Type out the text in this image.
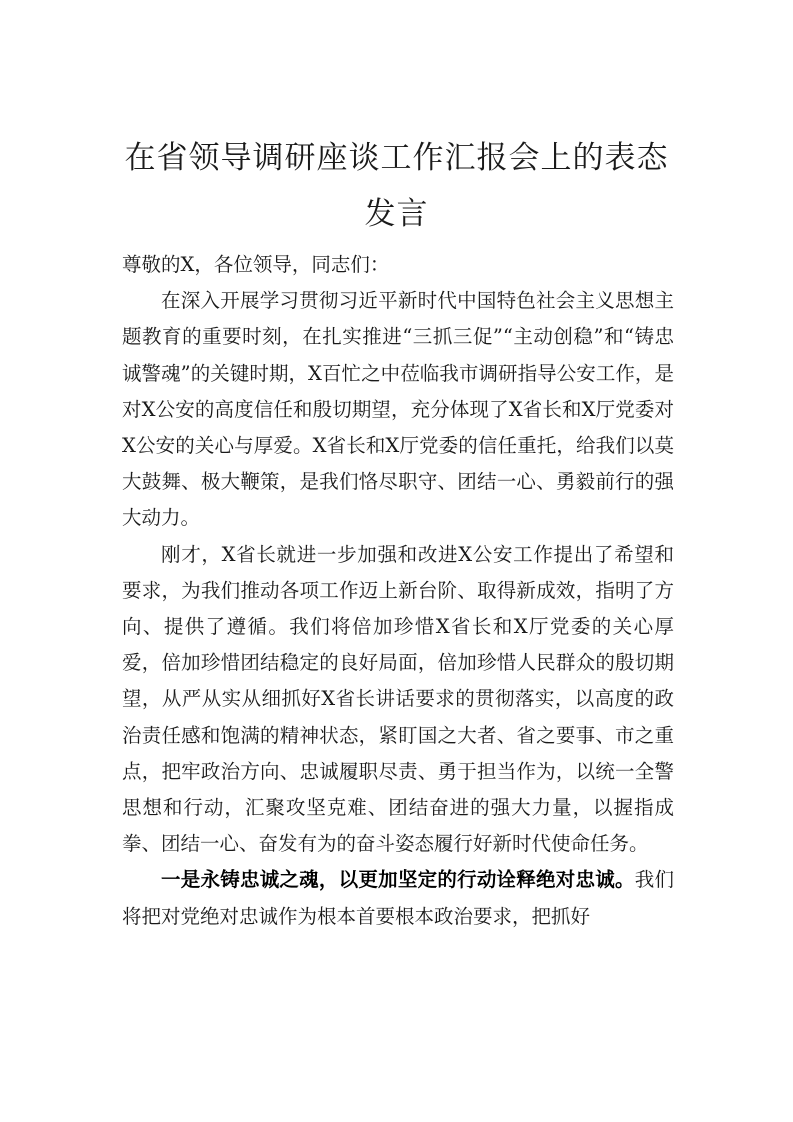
在省领导调研座谈工作汇报会上的表态发言

尊敬的X，各位领导，同志们：

在深入开展学习贯彻习近平新时代中国特色社会主义思想主题教育的重要时刻，在扎实推进“三抓三促”“主动创稳”和“铸忠诚警魂”的关键时期，X百忙之中莅临我市调研指导公安工作，是对X公安的高度信任和殷切期望，充分体现了X省长和X厅党委对X公安的关心与厚爱。X省长和X厅党委的信任重托，给我们以莫大鼓舞、极大鞭策，是我们恪尽职守、团结一心、勇毅前行的强大动力。

刚才，X省长就进一步加强和改进X公安工作提出了希望和要求，为我们推动各项工作迈上新台阶、取得新成效，指明了方向、提供了遵循。我们将倍加珍惜X省长和X厅党委的关心厚爱，倍加珍惜团结稳定的良好局面，倍加珍惜人民群众的殷切期望，从严从实从细抓好X省长讲话要求的贯彻落实，以高度的政治责任感和饱满的精神状态，紧盯国之大者、省之要事、市之重点，把牢政治方向、忠诚履职尽责、勇于担当作为，以统一全警思想和行动，汇聚攻坚克难、团结奋进的强大力量，以握指成拳、团结一心、奋发有为的奋斗姿态履行好新时代使命任务。

一是永铸忠诚之魂，以更加坚定的行动诠释绝对忠诚。我们将把对党绝对忠诚作为根本首要根本政治要求，把抓好
